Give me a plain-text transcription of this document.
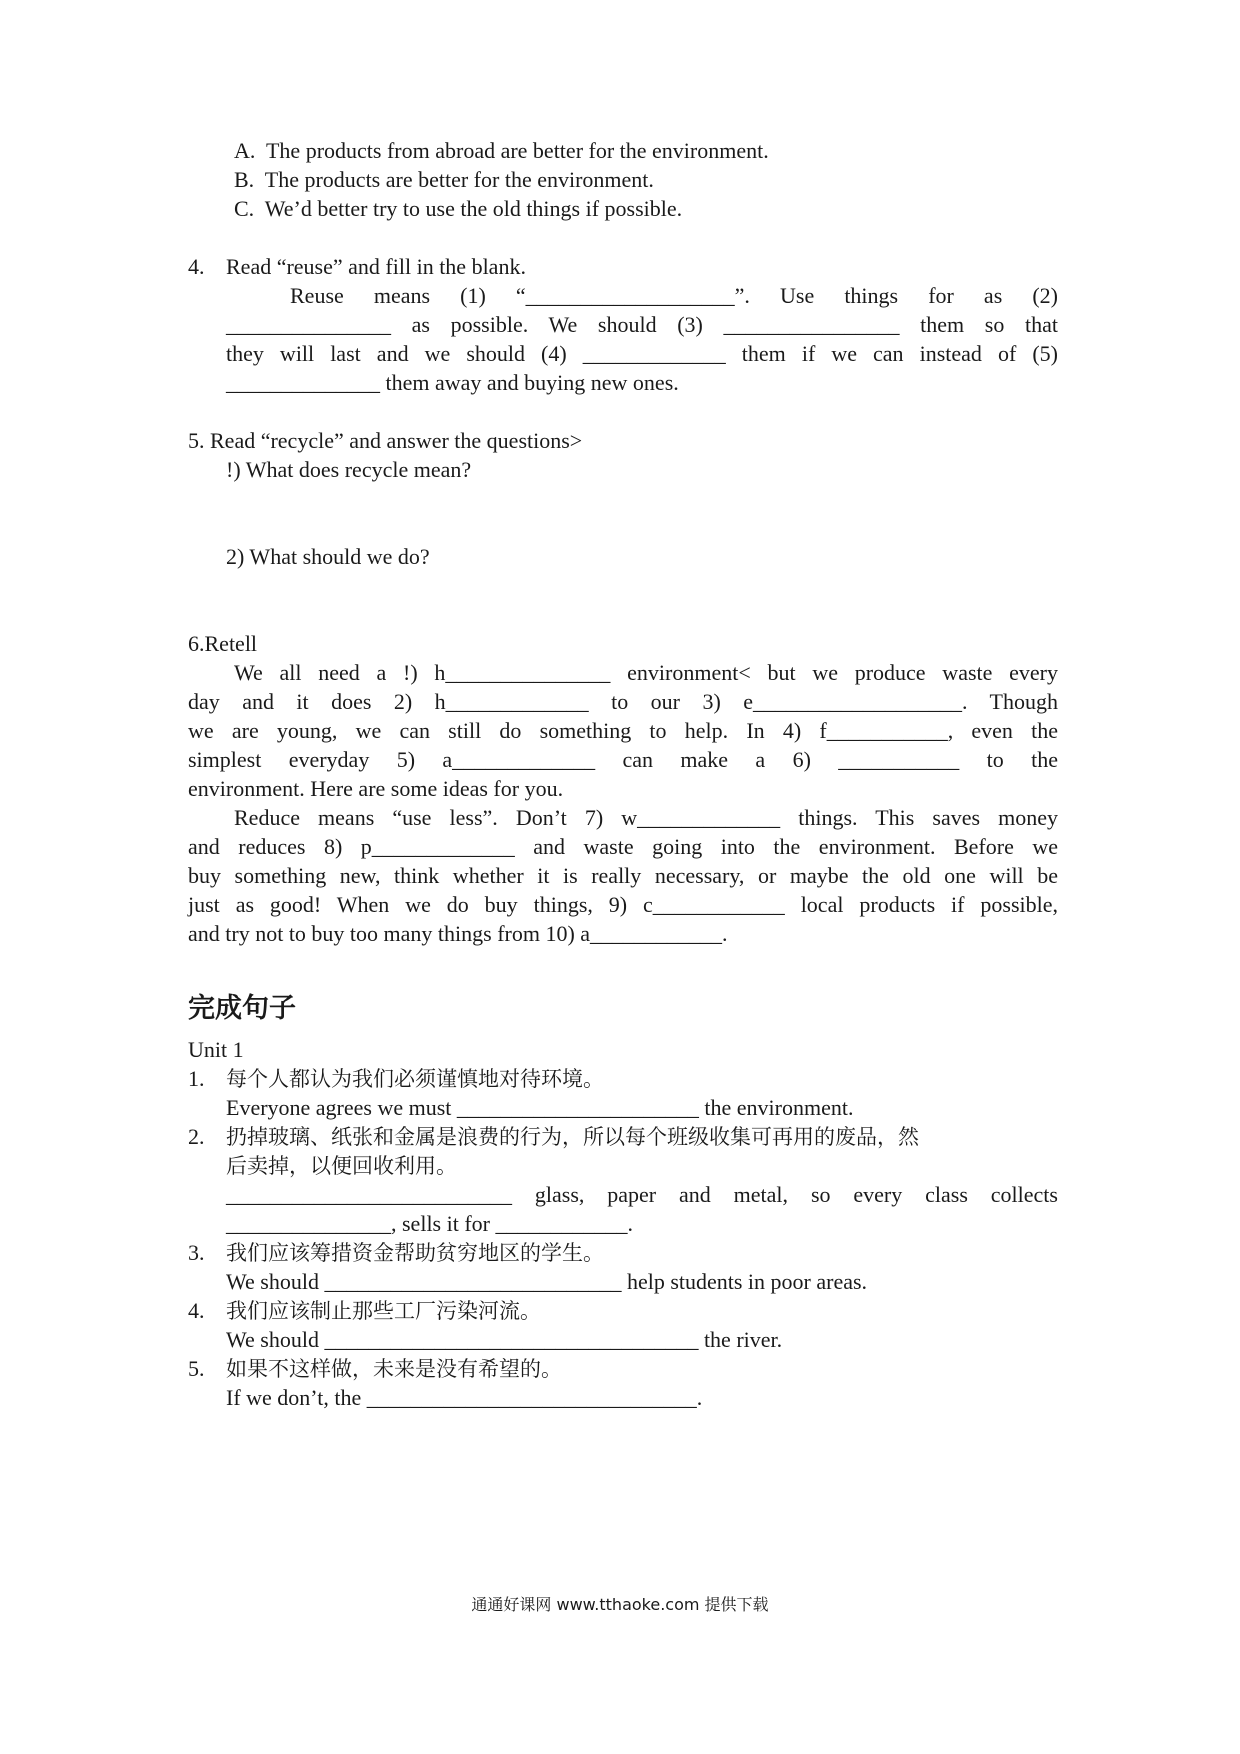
A.  The products from abroad are better for the environment.
B.  The products are better for the environment.
C.  We’d better try to use the old things if possible.
4. Read “reuse” and fill in the blank.
Reuse means (1) “___________________”. Use things for as (2)
_______________ as possible. We should (3) ________________ them so that
they will last and we should (4) _____________ them if we can instead of (5)
______________ them away and buying new ones.
5. Read “recycle” and answer the questions>
!) What does recycle mean?
2) What should we do?
6.Retell
We all need a !) h_______________ environment< but we produce waste every
day and it does 2) h_____________ to our 3) e___________________. Though
we are young, we can still do something to help. In 4) f___________, even the
simplest everyday 5) a_____________ can make a 6) ___________ to the
environment. Here are some ideas for you.
Reduce means “use less”. Don’t 7) w_____________ things. This saves money
and reduces 8) p_____________ and waste going into the environment. Before we
buy something new, think whether it is really necessary, or maybe the old one will be
just as good! When we do buy things, 9) c____________ local products if possible,
and try not to buy too many things from 10) a____________.
完成句子
Unit 1
1. 每个人都认为我们必须谨慎地对待环境。
Everyone agrees we must ______________________ the environment.
2. 扔掉玻璃、纸张和金属是浪费的行为，所以每个班级收集可再用的废品，然
后卖掉，以便回收利用。
__________________________ glass, paper and metal, so every class collects
_______________, sells it for ____________.
3. 我们应该筹措资金帮助贫穷地区的学生。
We should ___________________________ help students in poor areas.
4. 我们应该制止那些工厂污染河流。
We should __________________________________ the river.
5. 如果不这样做，未来是没有希望的。
If we don’t, the ______________________________.
通通好课网 www.tthaoke.com 提供下载
